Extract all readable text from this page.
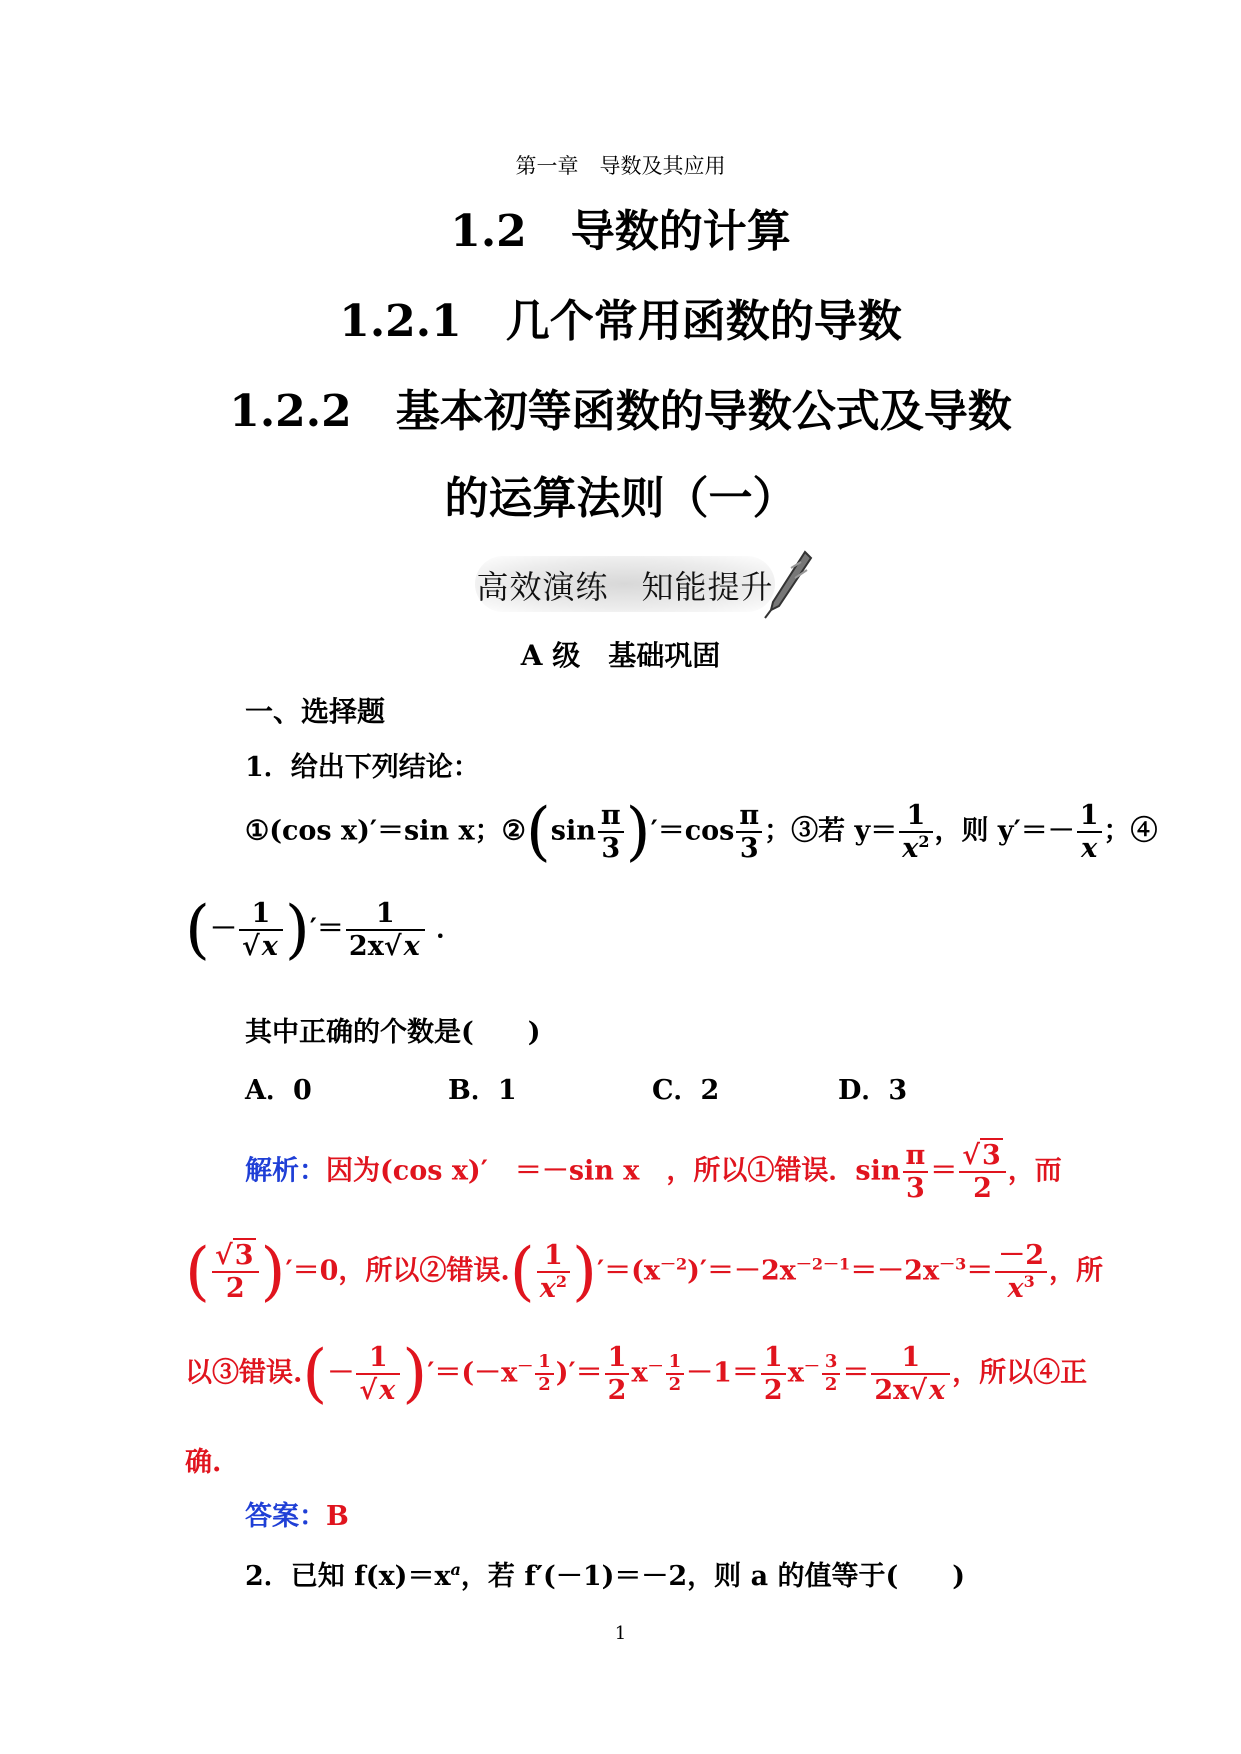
第一章　导数及其应用
1.2　导数的计算
1.2.1　几个常用函数的导数
1.2.2　基本初等函数的导数公式及导数
的运算法则（一）
高效演练　知能提升
A 级　基础巩固
一、选择题
1．给出下列结论：
①(cos x)′＝sin x；②(sin $\frac{\pi}{3} )'=\cos \frac{\pi}{3}$ ；③若 $y= \frac{1}{x^2}$ ，则 $y'=- \frac{1}{x}$ ；④
(－ $\frac{1}{√x}$ )′＝ $\frac{1}{2x√x}$ ．
其中正确的个数是(　　)
A．0	B．1	C．2	D．3
解析：因为(cos x)′　＝－sin x　，所以①错误．$\sin \frac{\pi}{3} = \frac{√3}{2}$ ，而
( $\frac{√3}{2} )'=0$，所以②错误.( $\frac{1}{x^2} )'=(x^{-2})'=-2x^{-2-1}=-2x^{-3}= \frac{-2}{x^3}$ ，所
以③错误.(－ $\frac{1}{√x} )'=(-x^- \frac{1}{2}$ )′＝ $\frac{1}{2} x^- \frac{1}{2} -1= \frac{1}{2} x^- \frac{3}{2} = \frac{1}{2x√x}$ ，所以④正
确.
答案：B
2．已知 $f(x)=x^a$，若 f′(－1)＝－2，则 a 的值等于(　　)
1
